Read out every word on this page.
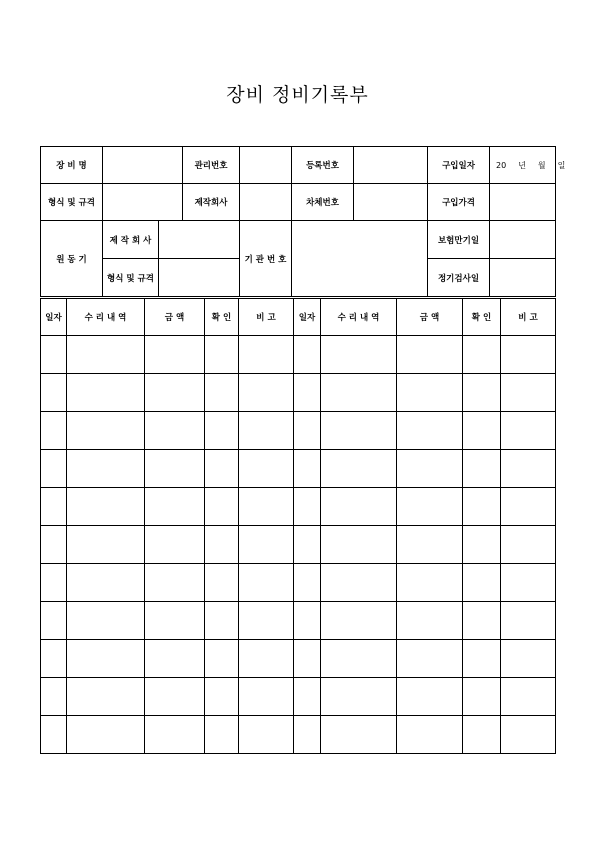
장비 정비기록부
장 비 명			관리번호		등록번호		구입일자	20 년 월 일
형식 및 규격			제작회사		차체번호		구입가격	
원 동 기	제 작 회 사			기 관 번 호			보험만기일	
	형식 및 규격						정기검사일	
일자	수 리 내 역	금 액	확 인	비 고	일자	수 리 내 역	금 액	확 인	비 고
